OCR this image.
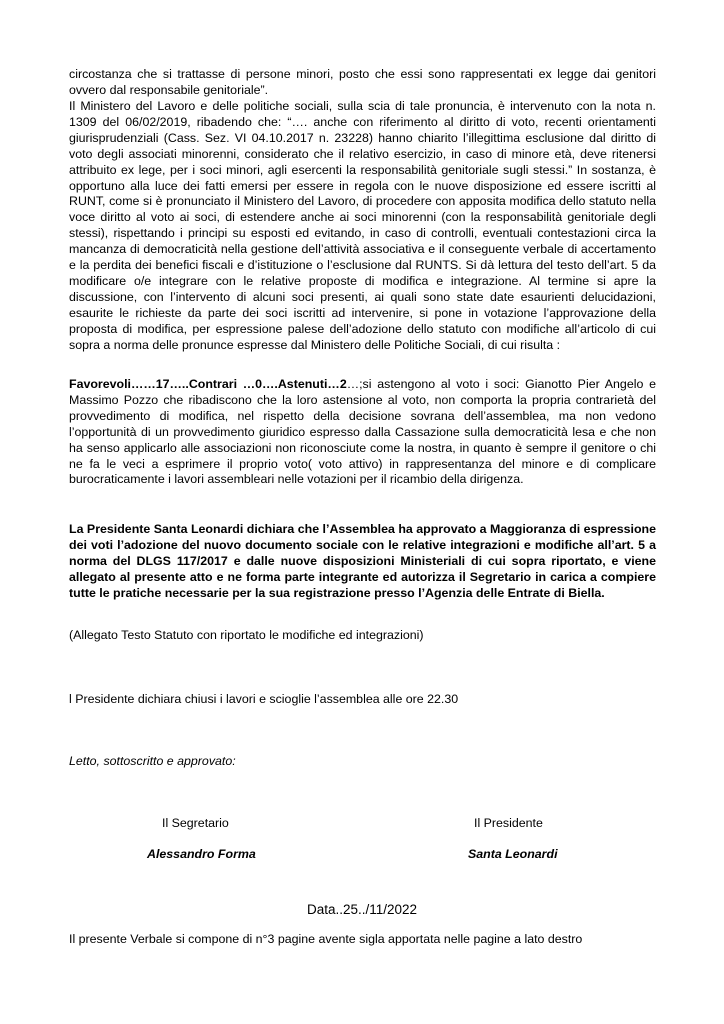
circostanza che si trattasse di persone minori, posto che essi sono rappresentati ex legge dai genitori ovvero dal responsabile genitoriale”.

Il Ministero del Lavoro e delle politiche sociali, sulla scia di tale pronuncia, è intervenuto con la nota n. 1309 del 06/02/2019, ribadendo che: “…. anche con riferimento al diritto di voto, recenti orientamenti giurisprudenziali (Cass. Sez. VI 04.10.2017 n. 23228) hanno chiarito l’illegittima esclusione dal diritto di voto degli associati minorenni, considerato che il relativo esercizio, in caso di minore età, deve ritenersi attribuito ex lege, per i soci minori, agli esercenti la responsabilità genitoriale sugli stessi.” In sostanza, è opportuno alla luce dei fatti emersi per essere in regola con le nuove disposizione ed essere iscritti al RUNT, come si è pronunciato il Ministero del Lavoro, di procedere con apposita modifica dello statuto nella voce diritto al voto ai soci, di estendere anche ai soci minorenni (con la responsabilità genitoriale degli stessi), rispettando i principi su esposti ed evitando, in caso di controlli, eventuali contestazioni circa la mancanza di democraticità nella gestione dell’attività associativa e il conseguente verbale di accertamento e la perdita dei benefici fiscali e d’istituzione o l’esclusione dal RUNTS. Si dà lettura del testo dell’art. 5 da modificare o/e integrare con le relative proposte di modifica e integrazione. Al termine si apre la discussione, con l’intervento di alcuni soci presenti, ai quali sono state date esaurienti delucidazioni, esaurite le richieste da parte dei soci iscritti ad intervenire, si pone in votazione l’approvazione della proposta di modifica, per espressione palese dell’adozione dello statuto con modifiche all’articolo di cui sopra a norma delle pronunce espresse dal Ministero delle Politiche Sociali, di cui risulta :

Favorevoli……17…..Contrari …0….Astenuti…2…;si astengono al voto i soci: Gianotto Pier Angelo e Massimo Pozzo che ribadiscono che la loro astensione al voto, non comporta la propria contrarietà del provvedimento di modifica, nel rispetto della decisione sovrana dell’assemblea, ma non vedono l’opportunità di un provvedimento giuridico espresso dalla Cassazione sulla democraticità lesa e che non ha senso applicarlo alle associazioni non riconosciute come la nostra, in quanto è sempre il genitore o chi ne fa le veci a esprimere il proprio voto( voto attivo) in rappresentanza del minore e di complicare burocraticamente i lavori assembleari nelle votazioni per il ricambio della dirigenza.

La Presidente Santa Leonardi dichiara che l’Assemblea ha approvato a Maggioranza di espressione dei voti l’adozione del nuovo documento sociale con le relative integrazioni e modifiche all’art. 5 a norma del DLGS 117/2017 e dalle nuove disposizioni Ministeriali di cui sopra riportato, e viene allegato al presente atto e ne forma parte integrante ed autorizza il Segretario in carica a compiere tutte le pratiche necessarie per la sua registrazione presso l’Agenzia delle Entrate di Biella.

(Allegato Testo Statuto con riportato le modifiche ed integrazioni)

l Presidente dichiara chiusi i lavori e scioglie l’assemblea alle ore 22.30

Letto, sottoscritto e approvato:

Il Segretario
Alessandro Forma
Il Presidente
Santa Leonardi
Data..25../11/2022

Il presente Verbale si compone di n°3 pagine avente sigla apportata nelle pagine a lato destro
